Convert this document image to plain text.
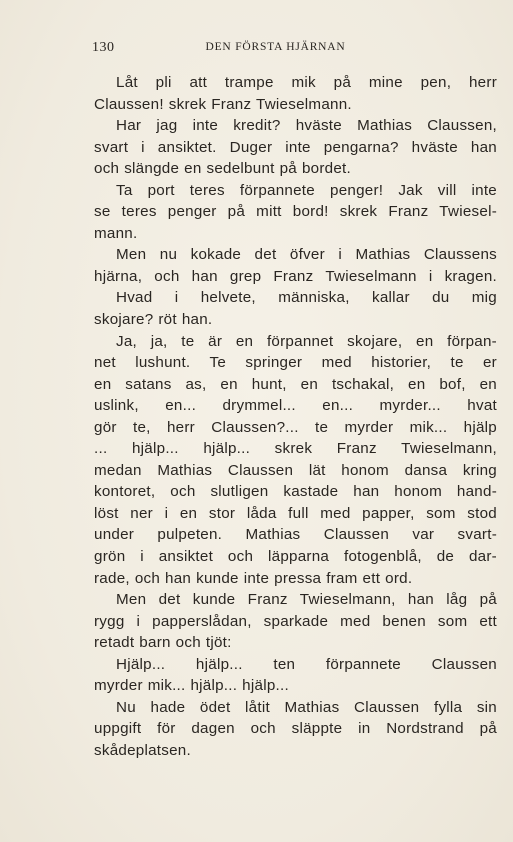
130	DEN FÖRSTA HJÄRNAN
Låt pli att trampe mik på mine pen, herr
Claussen! skrek Franz Twieselmann.
Har jag inte kredit? hväste Mathias Claussen,
svart i ansiktet. Duger inte pengarna? hväste han
och slängde en sedelbunt på bordet.
Ta port teres förpannete penger! Jak vill inte
se teres penger på mitt bord! skrek Franz Twiesel-
mann.
Men nu kokade det öfver i Mathias Claussens
hjärna, och han grep Franz Twieselmann i kragen.
Hvad i helvete, människa, kallar du mig
skojare? röt han.
Ja, ja, te är en förpannet skojare, en förpan-
net lushunt. Te springer med historier, te er
en satans as, en hunt, en tschakal, en bof, en
uslink, en... drymmel... en... myrder... hvat
gör te, herr Claussen?... te myrder mik... hjälp
... hjälp... hjälp... skrek Franz Twieselmann,
medan Mathias Claussen lät honom dansa kring
kontoret, och slutligen kastade han honom hand-
löst ner i en stor låda full med papper, som stod
under pulpeten. Mathias Claussen var svart-
grön i ansiktet och läpparna fotogenblå, de dar-
rade, och han kunde inte pressa fram ett ord.
Men det kunde Franz Twieselmann, han låg på
rygg i papperslådan, sparkade med benen som ett
retadt barn och tjöt:
Hjälp... hjälp... ten förpannete Claussen
myrder mik... hjälp... hjälp...
Nu hade ödet låtit Mathias Claussen fylla sin
uppgift för dagen och släppte in Nordstrand på
skådeplatsen.
